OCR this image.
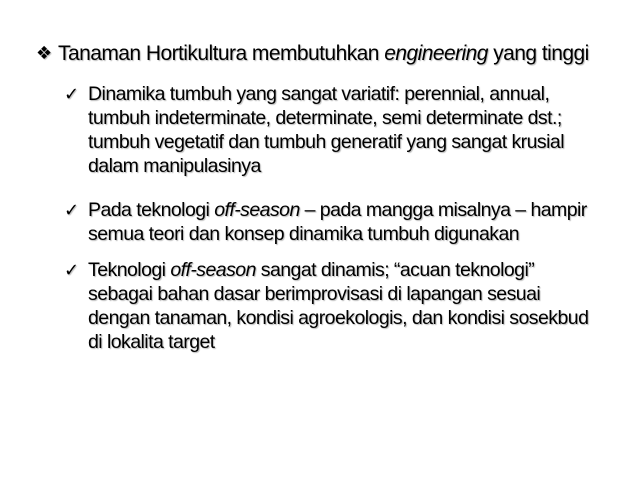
❖ Tanaman Hortikultura membutuhkan engineering yang tinggi
✓ Dinamika tumbuh yang sangat variatif: perennial, annual,
tumbuh indeterminate, determinate, semi determinate dst.;
tumbuh vegetatif dan tumbuh generatif yang sangat krusial
dalam manipulasinya
✓ Pada teknologi off-season – pada mangga misalnya – hampir
semua teori dan konsep dinamika tumbuh digunakan
✓ Teknologi off-season sangat dinamis; “acuan teknologi”
sebagai bahan dasar berimprovisasi di lapangan sesuai
dengan tanaman, kondisi agroekologis, dan kondisi sosekbud
di lokalita target
